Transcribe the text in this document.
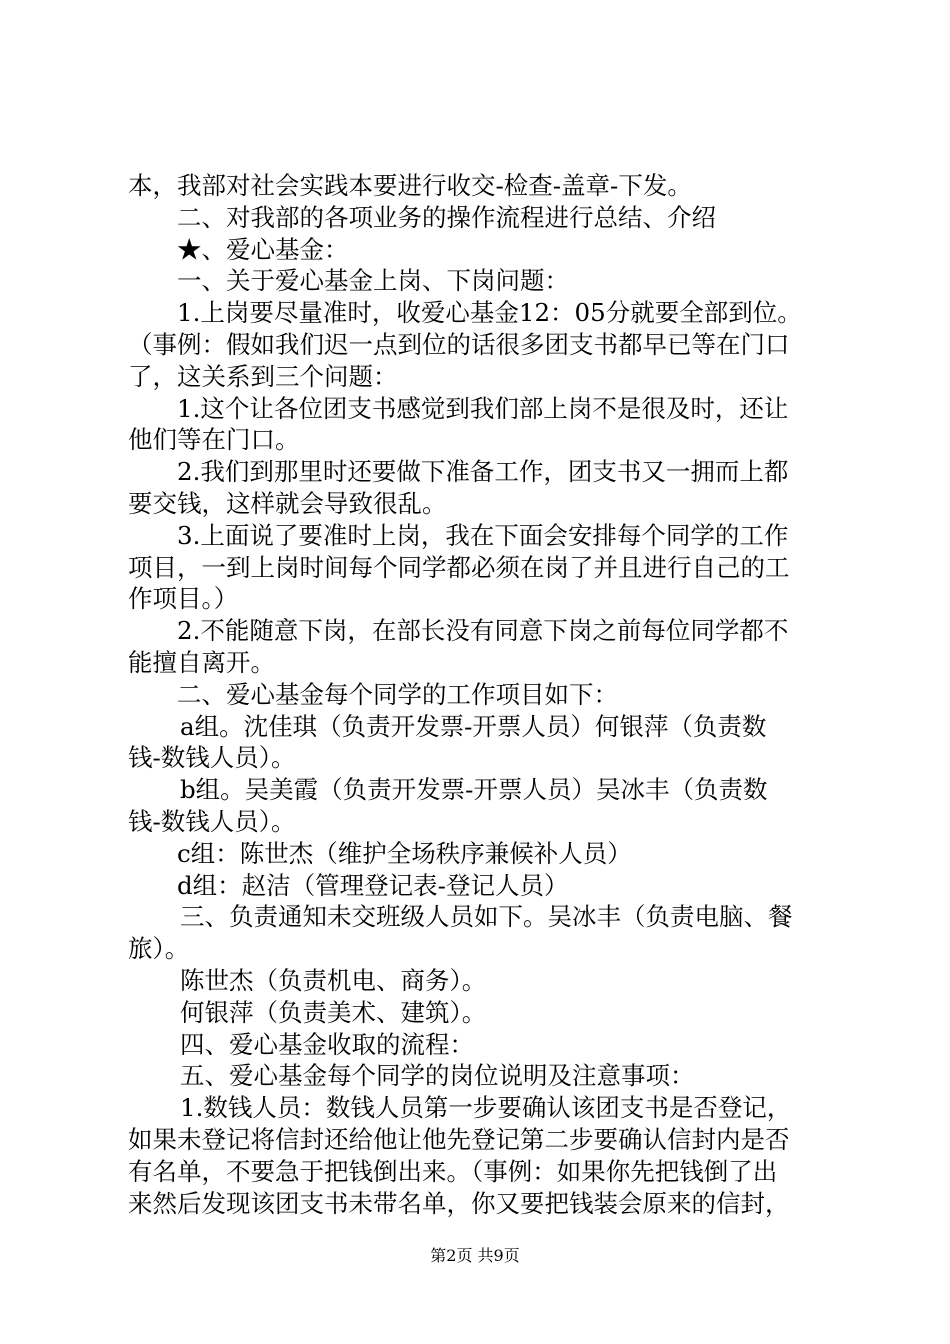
本，我部对社会实践本要进行收交-检查-盖章-下发。
二、对我部的各项业务的操作流程进行总结、介绍
★、爱心基金：
一、关于爱心基金上岗、下岗问题：
1.上岗要尽量准时，收爱心基金12：05分就要全部到位。
（事例：假如我们迟一点到位的话很多团支书都早已等在门口
了，这关系到三个问题：
1.这个让各位团支书感觉到我们部上岗不是很及时，还让
他们等在门口。
2.我们到那里时还要做下准备工作，团支书又一拥而上都
要交钱，这样就会导致很乱。
3.上面说了要准时上岗，我在下面会安排每个同学的工作
项目，一到上岗时间每个同学都必须在岗了并且进行自己的工
作项目。）
2.不能随意下岗，在部长没有同意下岗之前每位同学都不
能擅自离开。
二、爱心基金每个同学的工作项目如下：
a组。沈佳琪（负责开发票-开票人员）何银萍（负责数
钱-数钱人员）。
b组。吴美霞（负责开发票-开票人员）吴冰丰（负责数
钱-数钱人员）。
c组：陈世杰（维护全场秩序兼候补人员）
d组：赵洁（管理登记表-登记人员）
三、负责通知未交班级人员如下。吴冰丰（负责电脑、餐
旅）。
陈世杰（负责机电、商务）。
何银萍（负责美术、建筑）。
四、爱心基金收取的流程：
五、爱心基金每个同学的岗位说明及注意事项：
1.数钱人员：数钱人员第一步要确认该团支书是否登记，
如果未登记将信封还给他让他先登记第二步要确认信封内是否
有名单，不要急于把钱倒出来。（事例：如果你先把钱倒了出
来然后发现该团支书未带名单，你又要把钱装会原来的信封，
第2页 共9页
